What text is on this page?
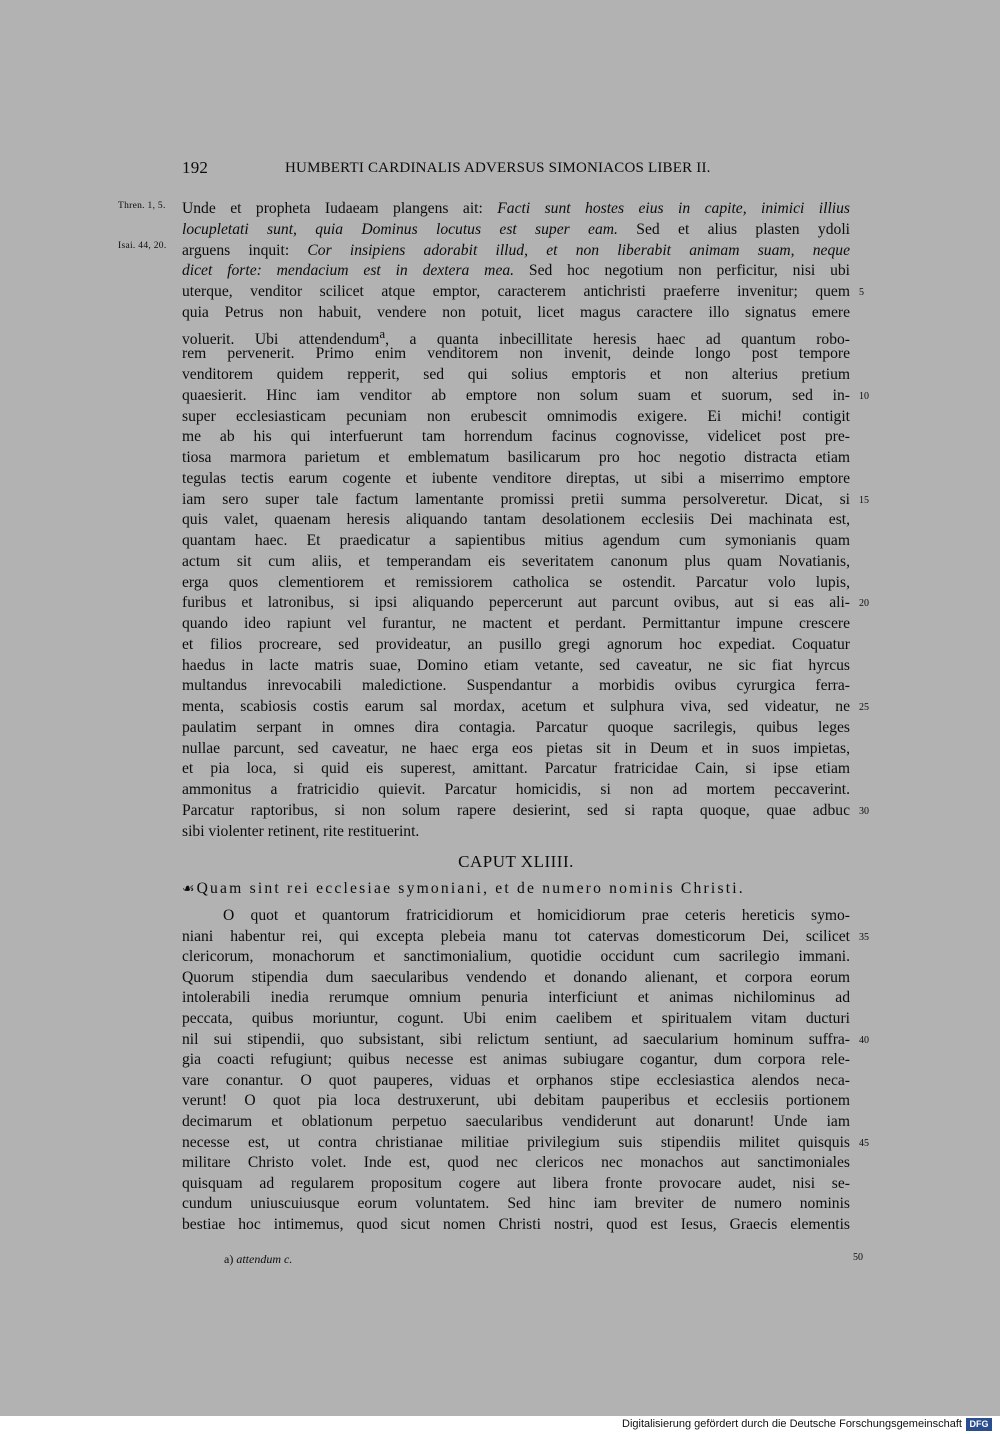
192	HUMBERTI CARDINALIS ADVERSUS SIMONIACOS LIBER II.
Thren. 1, 5.
Isai. 44, 20.
Unde et propheta Iudaeam plangens ait: Facti sunt hostes eius in capite, inimici illius
locupletati sunt, quia Dominus locutus est super eam. Sed et alius plasten ydoli
arguens inquit: Cor insipiens adorabit illud, et non liberabit animam suam, neque
dicet forte: mendacium est in dextera mea. Sed hoc negotium non perficitur, nisi ubi
uterque, venditor scilicet atque emptor, caracterem antichristi praeferre invenitur; quem
quia Petrus non habuit, vendere non potuit, licet magus caractere illo signatus emere
voluerit. Ubi attendendum$^a$, a quanta inbecillitate heresis haec ad quantum robo-
rem pervenerit. Primo enim venditorem non invenit, deinde longo post tempore
venditorem quidem repperit, sed qui solius emptoris et non alterius pretium
quaesierit. Hinc iam venditor ab emptore non solum suam et suorum, sed in-
super ecclesiasticam pecuniam non erubescit omnimodis exigere. Ei michi! contigit
me ab his qui interfuerunt tam horrendum facinus cognovisse, videlicet post pre-
tiosa marmora parietum et emblematum basilicarum pro hoc negotio distracta etiam
tegulas tectis earum cogente et iubente venditore direptas, ut sibi a miserrimo emptore
iam sero super tale factum lamentante promissi pretii summa persolveretur. Dicat, si
quis valet, quaenam heresis aliquando tantam desolationem ecclesiis Dei machinata est,
quantam haec. Et praedicatur a sapientibus mitius agendum cum symonianis quam
actum sit cum aliis, et temperandam eis severitatem canonum plus quam Novatianis,
erga quos clementiorem et remissiorem catholica se ostendit. Parcatur volo lupis,
furibus et latronibus, si ipsi aliquando pepercerunt aut parcunt ovibus, aut si eas ali-
quando ideo rapiunt vel furantur, ne mactent et perdant. Permittantur impune crescere
et filios procreare, sed provideatur, an pusillo gregi agnorum hoc expediat. Coquatur
haedus in lacte matris suae, Domino etiam vetante, sed caveatur, ne sic fiat hyrcus
multandus inrevocabili maledictione. Suspendantur a morbidis ovibus cyrurgica ferra-
menta, scabiosis costis earum sal mordax, acetum et sulphura viva, sed videatur, ne
paulatim serpant in omnes dira contagia. Parcatur quoque sacrilegis, quibus leges
nullae parcunt, sed caveatur, ne haec erga eos pietas sit in Deum et in suos impietas,
et pia loca, si quid eis superest, amittant. Parcatur fratricidae Cain, si ipse etiam
ammonitus a fratricidio quievit. Parcatur homicidis, si non ad mortem peccaverint.
Parcatur raptoribus, si non solum rapere desierint, sed si rapta quoque, quae adbuc
sibi violenter retinent, rite restituerint.
5
10
15
20
25
30
CAPUT XLIIII.
☙ Quam sint rei ecclesiae symoniani, et de numero nominis Christi.
O quot et quantorum fratricidiorum et homicidiorum prae ceteris hereticis symo-
niani habentur rei, qui excepta plebeia manu tot catervas domesticorum Dei, scilicet
clericorum, monachorum et sanctimonialium, quotidie occidunt cum sacrilegio immani.
Quorum stipendia dum saecularibus vendendo et donando alienant, et corpora eorum
intolerabili inedia rerumque omnium penuria interficiunt et animas nichilominus ad
peccata, quibus moriuntur, cogunt. Ubi enim caelibem et spiritualem vitam ducturi
nil sui stipendii, quo subsistant, sibi relictum sentiunt, ad saecularium hominum suffra-
gia coacti refugiunt; quibus necesse est animas subiugare cogantur, dum corpora rele-
vare conantur. O quot pauperes, viduas et orphanos stipe ecclesiastica alendos neca-
verunt! O quot pia loca destruxerunt, ubi debitam pauperibus et ecclesiis portionem
decimarum et oblationum perpetuo saecularibus vendiderunt aut donarunt! Unde iam
necesse est, ut contra christianae militiae privilegium suis stipendiis militet quisquis
militare Christo volet. Inde est, quod nec clericos nec monachos aut sanctimoniales
quisquam ad regularem propositum cogere aut libera fronte provocare audet, nisi se-
cundum uniuscuiusque eorum voluntatem. Sed hinc iam breviter de numero nominis
bestiae hoc intimemus, quod sicut nomen Christi nostri, quod est Iesus, Graecis elementis
35
40
45
a) attendum c.	50
Digitalisierung gefördert durch die Deutsche Forschungsgemeinschaft DFG
